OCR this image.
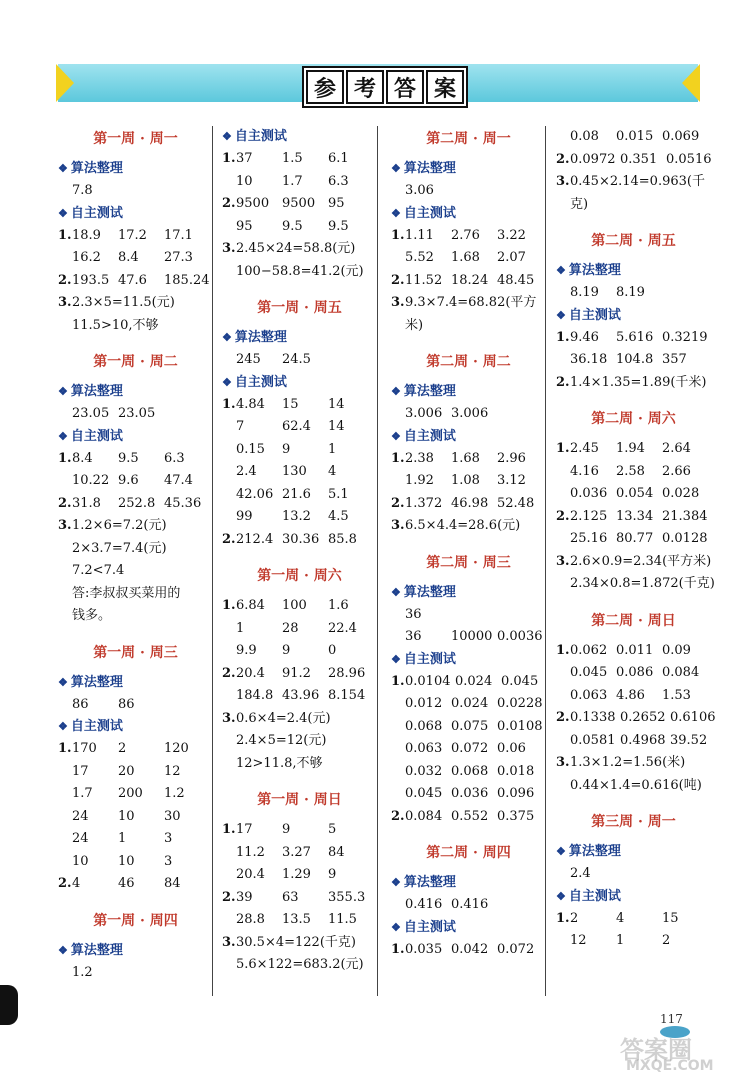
参 考 答 案
第一周 · 周一
❖ 算法整理
7.8
❖ 自主测试
1.18.9 17.2 17.1
16.2 8.4 27.3
2.193.5 47.6 185.24
3.2.3×5=11.5(元)
11.5>10,不够
第一周 · 周二
❖ 算法整理
23.05 23.05
❖ 自主测试
1.8.4 9.5 6.3
10.22 9.6 47.4
2.31.8 252.8 45.36
3.1.2×6=7.2(元)
2×3.7=7.4(元)
7.2<7.4
答:李叔叔买菜用的
钱多。
第一周 · 周三
❖ 算法整理
86 86
❖ 自主测试
1.170 2	120
17 20 12
1.7 200 1.2
24 10 30
24 1	3
10 10 3
2.4	46 84
第一周 · 周四
❖ 算法整理
1.2
❖ 自主测试
1.37 1.5 6.1
10 1.7 6.3
2.9500 9500 95
95 9.5 9.5
3.2.45×24=58.8(元)
100−58.8=41.2(元)
第一周 · 周五
❖ 算法整理
245 24.5
❖ 自主测试
1.4.84 15 14
7	62.4 14
0.15 9	1
2.4 130 4
42.06 21.6 5.1
99 13.2 4.5
2.212.4 30.36 85.8
第一周 · 周六
1.6.84 100 1.6
1	28 22.4
9.9 9	0
2.20.4 91.2 28.96
184.8 43.96 8.154
3.0.6×4=2.4(元)
2.4×5=12(元)
12>11.8,不够
第一周 · 周日
1.17 9	5
11.2 3.27 84
20.4 1.29 9
2.39 63 355.3
28.8 13.5 11.5
3.30.5×4=122(千克)
5.6×122=683.2(元)
第二周 · 周一
❖ 算法整理
3.06
❖ 自主测试
1.1.11 2.76 3.22
5.52 1.68 2.07
2.11.52 18.24 48.45
3.9.3×7.4=68.82(平方
米)
第二周 · 周二
❖ 算法整理
3.006 3.006
❖ 自主测试
1.2.38 1.68 2.96
1.92 1.08 3.12
2.1.372 46.98 52.48
3.6.5×4.4=28.6(元)
第二周 · 周三
❖ 算法整理
36
36 10000 0.0036
❖ 自主测试
1.0.0104 0.024 0.045
0.012 0.024 0.0228
0.068 0.075 0.0108
0.063 0.072 0.06
0.032 0.068 0.018
0.045 0.036 0.096
2.0.084 0.552 0.375
第二周 · 周四
❖ 算法整理
0.416 0.416
❖ 自主测试
1.0.035 0.042 0.072
0.08 0.015 0.069
2.0.0972 0.351 0.0516
3.0.45×2.14=0.963(千
克)
第二周 · 周五
❖ 算法整理
8.19 8.19
❖ 自主测试
1.9.46 5.616 0.3219
36.18 104.8 357
2.1.4×1.35=1.89(千米)
第二周 · 周六
1.2.45 1.94 2.64
4.16 2.58 2.66
0.036 0.054 0.028
2.2.125 13.34 21.384
25.16 80.77 0.0128
3.2.6×0.9=2.34(平方米)
2.34×0.8=1.872(千克)
第二周 · 周日
1.0.062 0.011 0.09
0.045 0.086 0.084
0.063 4.86 1.53
2.0.1338 0.2652 0.6106
0.0581 0.4968 39.52
3.1.3×1.2=1.56(米)
0.44×1.4=0.616(吨)
第三周 · 周一
❖ 算法整理
2.4
❖ 自主测试
1.2	4	15
12 1	2
117
答案圈
MXQE.COM
